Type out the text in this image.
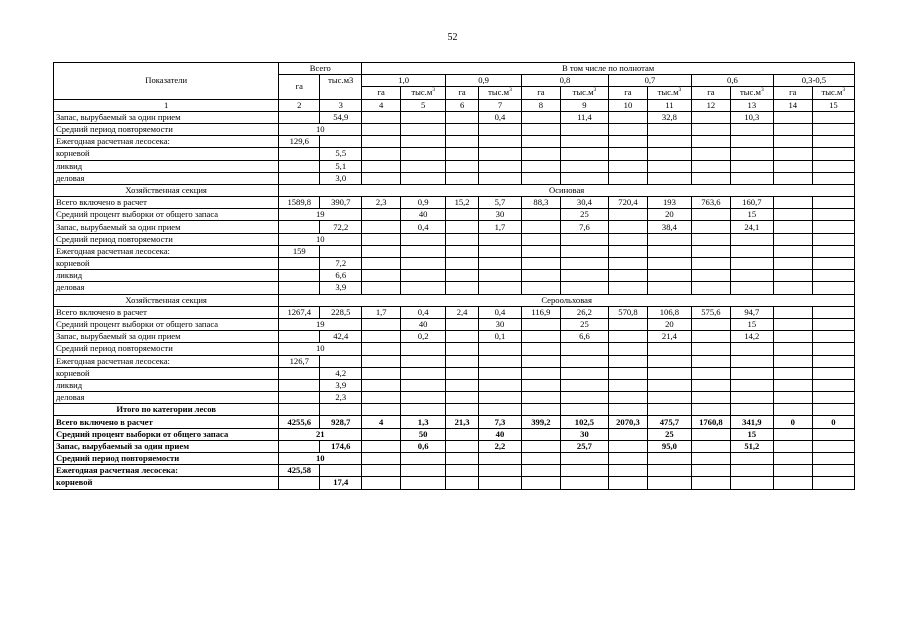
52
Показатели	Всего		В том числе по полнотам											
	га	тыс.м3	1,0		0,9		0,8		0,7		0,6		0,3-0,5	
			га	$тыс.м^3$	га	$тыс.м^3$	га	$тыс.м^3$	га	$тыс.м^3$	га	$тыс.м^3$	га	$тыс.м^3$
1	2	3	4	5	6	7	8	9	10	11	12	13	14	15
Запас, вырубаемый за один прием		54,9				0,4		11,4		32,8		10,3		
Средний период повторяемости	10													
Ежегодная расчетная лесосека:	129,6													
корневой		5,5												
ликвид		5,1												
деловая		3,0												
Хозяйственная секция	Осиновая													
Всего включено в расчет	1589,8	390,7	2,3	0,9	15,2	5,7	88,3	30,4	720,4	193	763,6	160,7		
Средний процент выборки от общего запаса	19			40		30		25		20		15		
Запас, вырубаемый за один прием		72,2		0,4		1,7		7,6		38,4		24,1		
Средний период повторяемости	10													
Ежегодная расчетная лесосека:	159													
корневой		7,2												
ликвид		6,6												
деловая		3,9												
Хозяйственная секция	Сероольховая													
Всего включено в расчет	1267,4	228,5	1,7	0,4	2,4	0,4	116,9	26,2	570,8	106,8	575,6	94,7		
Средний процент выборки от общего запаса	19			40		30		25		20		15		
Запас, вырубаемый за один прием		42,4		0,2		0,1		6,6		21,4		14,2		
Средний период повторяемости	10													
Ежегодная расчетная лесосека:	126,7													
корневой		4,2												
ликвид		3,9												
деловая		2,3												
Итого по категории лесов														
Всего включено в расчет	4255,6	928,7	4	1,3	21,3	7,3	399,2	102,5	2070,3	475,7	1760,8	341,9	0	0
Средний процент выборки от общего запаса	21			50		40		30		25		15		
Запас, вырубаемый за один прием		174,6		0,6		2,2		25,7		95,0		51,2		
Средний период повторяемости	10													
Ежегодная расчетная лесосека:	425,58													
корневой		17,4												
